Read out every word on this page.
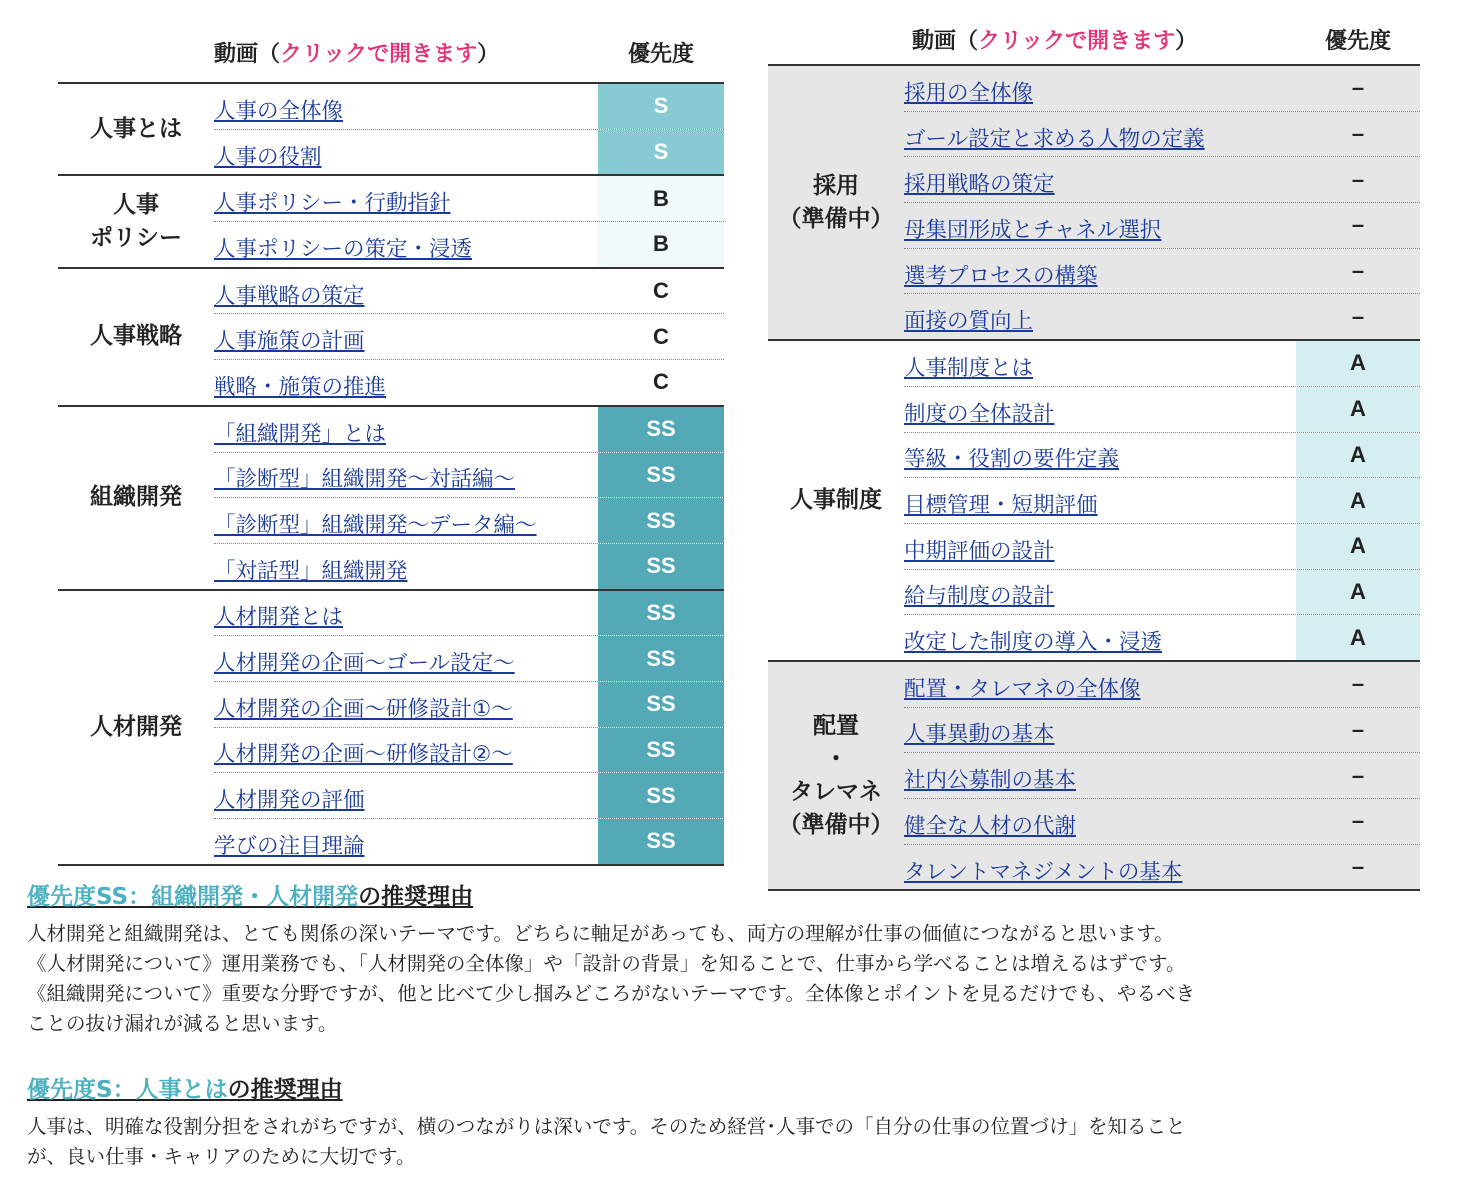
動画（クリックで開きます）	優先度
人事とは
人事の全体像	S
人事の役割	S
人事
ポリシー
人事ポリシー・行動指針	B
人事ポリシーの策定・浸透	B
人事戦略
人事戦略の策定	C
人事施策の計画	C
戦略・施策の推進	C
組織開発
「組織開発」とは	SS
「診断型」組織開発～対話編～	SS
「診断型」組織開発～データ編～	SS
「対話型」組織開発	SS
人材開発
人材開発とは	SS
人材開発の企画～ゴール設定～	SS
人材開発の企画～研修設計①～	SS
人材開発の企画～研修設計②～	SS
人材開発の評価	SS
学びの注目理論	SS
動画（クリックで開きます）	優先度
採用
（準備中）
採用の全体像	–
ゴール設定と求める人物の定義	–
採用戦略の策定	–
母集団形成とチャネル選択	–
選考プロセスの構築	–
面接の質向上	–
人事制度
人事制度とは	A
制度の全体設計	A
等級・役割の要件定義	A
目標管理・短期評価	A
中期評価の設計	A
給与制度の設計	A
改定した制度の導入・浸透	A
配置
・
タレマネ
（準備中）
配置・タレマネの全体像	–
人事異動の基本	–
社内公募制の基本	–
健全な人材の代謝	–
タレントマネジメントの基本	–

優先度SS：組織開発・人材開発の推奨理由

人材開発と組織開発は、とても関係の深いテーマです。どちらに軸足があっても、両方の理解が仕事の価値につながると思います。
《人材開発について》運用業務でも、「人材開発の全体像」や「設計の背景」を知ることで、仕事から学べることは増えるはずです。
《組織開発について》重要な分野ですが、他と比べて少し掴みどころがないテーマです。全体像とポイントを見るだけでも、やるべき
ことの抜け漏れが減ると思います。

優先度S：人事とはの推奨理由

人事は、明確な役割分担をされがちですが、横のつながりは深いです。そのため経営･人事での「自分の仕事の位置づけ」を知ること
が、良い仕事・キャリアのために大切です。
